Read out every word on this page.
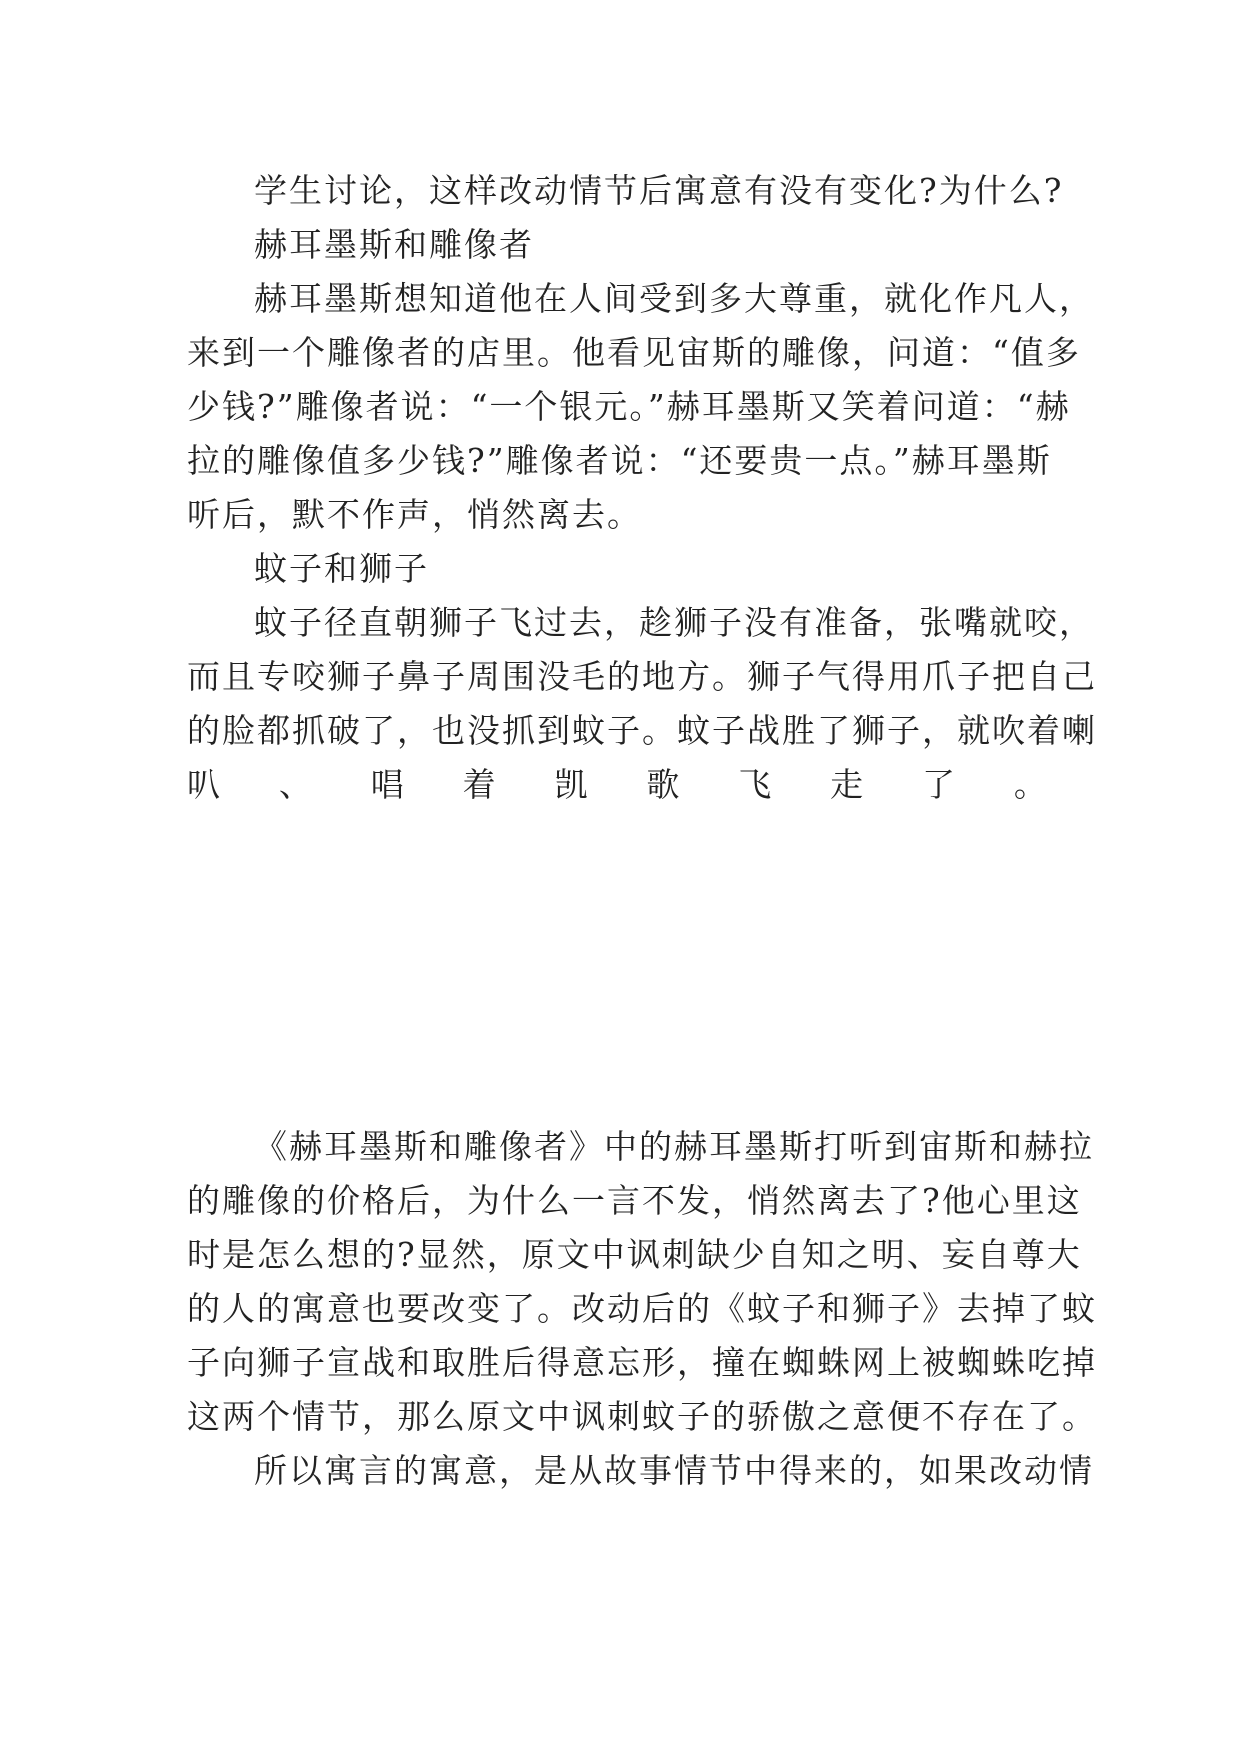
学生讨论，这样改动情节后寓意有没有变化?为什么?
赫耳墨斯和雕像者
赫耳墨斯想知道他在人间受到多大尊重，就化作凡人，
来到一个雕像者的店里。他看见宙斯的雕像，问道：“值多
少钱?”雕像者说：“一个银元。”赫耳墨斯又笑着问道：“赫
拉的雕像值多少钱?”雕像者说：“还要贵一点。”赫耳墨斯
听后，默不作声，悄然离去。
蚊子和狮子
蚊子径直朝狮子飞过去，趁狮子没有准备，张嘴就咬，
而且专咬狮子鼻子周围没毛的地方。狮子气得用爪子把自己
的脸都抓破了，也没抓到蚊子。蚊子战胜了狮子，就吹着喇
叭 、 唱 着 凯 歌 飞 走 了 。
《赫耳墨斯和雕像者》中的赫耳墨斯打听到宙斯和赫拉
的雕像的价格后，为什么一言不发，悄然离去了?他心里这
时是怎么想的?显然，原文中讽刺缺少自知之明、妄自尊大
的人的寓意也要改变了。改动后的《蚊子和狮子》去掉了蚊
子向狮子宣战和取胜后得意忘形，撞在蜘蛛网上被蜘蛛吃掉
这两个情节，那么原文中讽刺蚊子的骄傲之意便不存在了。
所以寓言的寓意，是从故事情节中得来的，如果改动情
